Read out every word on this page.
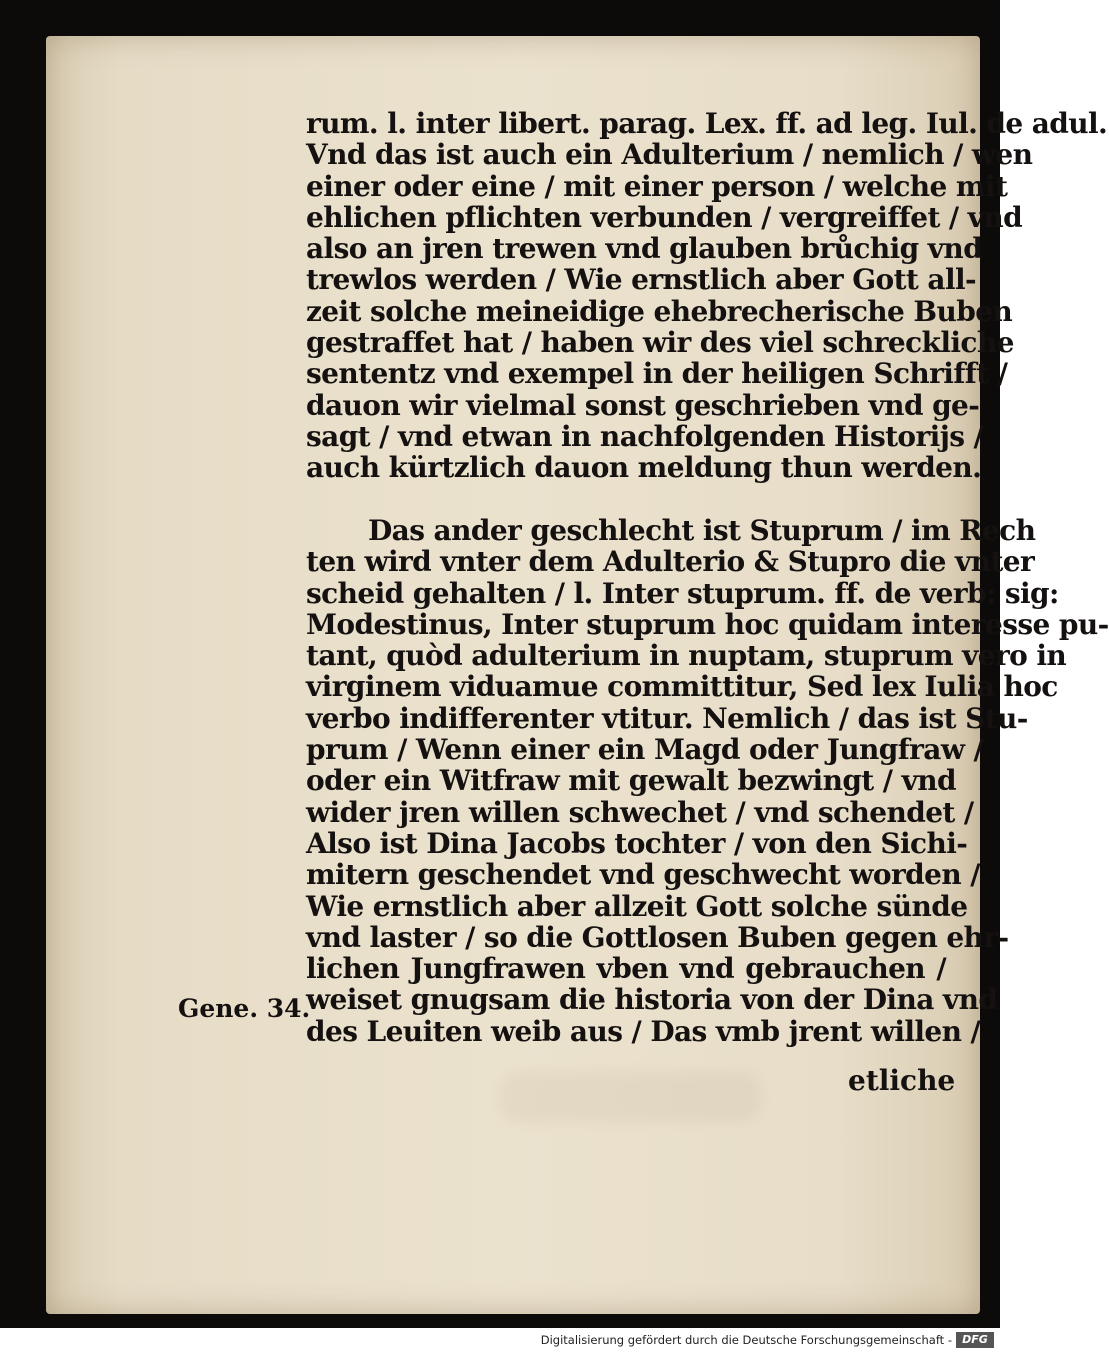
rum. l. inter libert. parag. Lex. ff. ad leg. Iul. de adul.
Vnd das ist auch ein Adulterium / nemlich / wen
einer oder eine / mit einer person / welche mit
ehlichen pflichten verbunden / vergreiffet / vnd
also an jren trewen vnd glauben brůchig vnd
trewlos werden / Wie ernstlich aber Gott all-
zeit solche meineidige ehebrecherische Buben
gestraffet hat / haben wir des viel schreckliche
sententz vnd exempel in der heiligen Schrifft /
dauon wir vielmal sonst geschrieben vnd ge-
sagt / vnd etwan in nachfolgenden Historijs /
auch kürtzlich dauon meldung thun werden.
Das ander geschlecht ist Stuprum / im Rech
ten wird vnter dem Adulterio & Stupro die vnter
scheid gehalten / l. Inter stuprum. ff. de verb: sig:
Modestinus, Inter stuprum hoc quidam interesse pu-
tant, quòd adulterium in nuptam, stuprum vero in
virginem viduamue committitur, Sed lex Iulia hoc
verbo indifferenter vtitur. Nemlich / das ist Stu-
prum / Wenn einer ein Magd oder Jungfraw /
oder ein Witfraw mit gewalt bezwingt / vnd
wider jren willen schwechet / vnd schendet /
Also ist Dina Jacobs tochter / von den Sichi-
mitern geschendet vnd geschwecht worden /
Wie ernstlich aber allzeit Gott solche sünde
vnd laster / so die Gottlosen Buben gegen ehr-
lichen Jungfrawen vben vnd gebrauchen /
weiset gnugsam die historia von der Dina vnd
des Leuiten weib aus / Das vmb jrent willen /
Gene. 34.
etliche
Digitalisierung gefördert durch die Deutsche Forschungsgemeinschaft - DFG
